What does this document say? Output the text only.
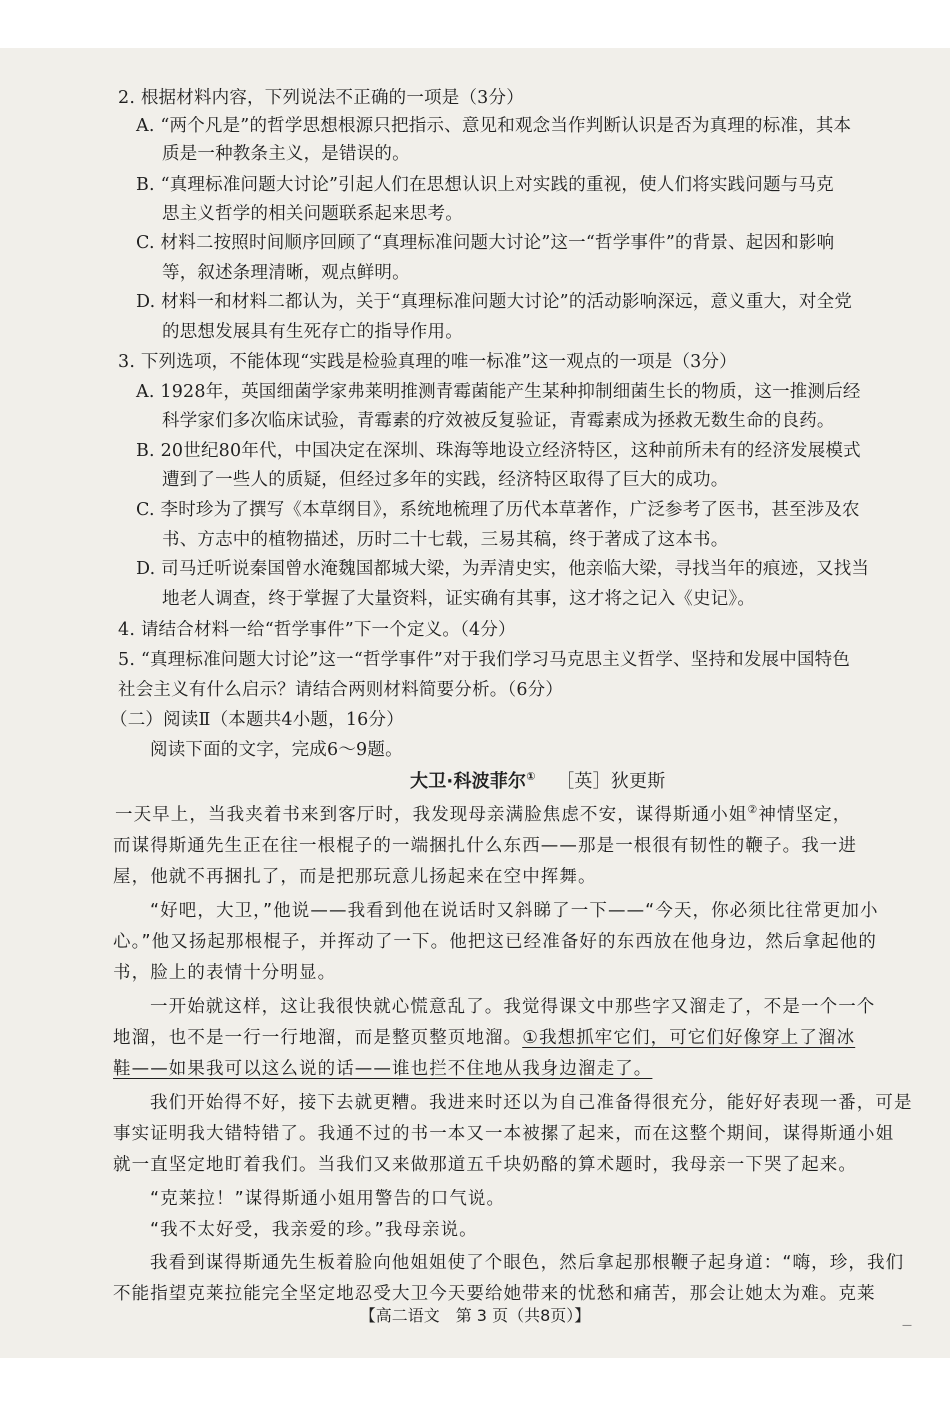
2. 根据材料内容，下列说法不正确的一项是（3分）
A. “两个凡是”的哲学思想根源只把指示、意见和观念当作判断认识是否为真理的标准，其本
质是一种教条主义，是错误的。
B. “真理标准问题大讨论”引起人们在思想认识上对实践的重视，使人们将实践问题与马克
思主义哲学的相关问题联系起来思考。
C. 材料二按照时间顺序回顾了“真理标准问题大讨论”这一“哲学事件”的背景、起因和影响
等，叙述条理清晰，观点鲜明。
D. 材料一和材料二都认为，关于“真理标准问题大讨论”的活动影响深远，意义重大，对全党
的思想发展具有生死存亡的指导作用。
3. 下列选项，不能体现“实践是检验真理的唯一标准”这一观点的一项是（3分）
A. 1928年，英国细菌学家弗莱明推测青霉菌能产生某种抑制细菌生长的物质，这一推测后经
科学家们多次临床试验，青霉素的疗效被反复验证，青霉素成为拯救无数生命的良药。
B. 20世纪80年代，中国决定在深圳、珠海等地设立经济特区，这种前所未有的经济发展模式
遭到了一些人的质疑，但经过多年的实践，经济特区取得了巨大的成功。
C. 李时珍为了撰写《本草纲目》，系统地梳理了历代本草著作，广泛参考了医书，甚至涉及农
书、方志中的植物描述，历时二十七载，三易其稿，终于著成了这本书。
D. 司马迁听说秦国曾水淹魏国都城大梁，为弄清史实，他亲临大梁，寻找当年的痕迹，又找当
地老人调查，终于掌握了大量资料，证实确有其事，这才将之记入《史记》。
4. 请结合材料一给“哲学事件”下一个定义。（4分）
5. “真理标准问题大讨论”这一“哲学事件”对于我们学习马克思主义哲学、坚持和发展中国特色
社会主义有什么启示？请结合两则材料简要分析。（6分）
（二）阅读Ⅱ（本题共4小题，16分）
阅读下面的文字，完成6～9题。
大卫·科波菲尔① ［英］狄更斯
一天早上，当我夹着书来到客厅时，我发现母亲满脸焦虑不安，谋得斯通小姐②神情坚定，
而谋得斯通先生正在往一根棍子的一端捆扎什么东西——那是一根很有韧性的鞭子。我一进
屋，他就不再捆扎了，而是把那玩意儿扬起来在空中挥舞。
“好吧，大卫，”他说——我看到他在说话时又斜睇了一下——“今天，你必须比往常更加小
心。”他又扬起那根棍子，并挥动了一下。他把这已经准备好的东西放在他身边，然后拿起他的
书，脸上的表情十分明显。
一开始就这样，这让我很快就心慌意乱了。我觉得课文中那些字又溜走了，不是一个一个
地溜，也不是一行一行地溜，而是整页整页地溜。①我想抓牢它们，可它们好像穿上了溜冰
鞋——如果我可以这么说的话——谁也拦不住地从我身边溜走了。
我们开始得不好，接下去就更糟。我进来时还以为自己准备得很充分，能好好表现一番，可是
事实证明我大错特错了。我通不过的书一本又一本被摞了起来，而在这整个期间，谋得斯通小姐
就一直坚定地盯着我们。当我们又来做那道五千块奶酪的算术题时，我母亲一下哭了起来。
“克莱拉！”谋得斯通小姐用警告的口气说。
“我不太好受，我亲爱的珍。”我母亲说。
我看到谋得斯通先生板着脸向他姐姐使了个眼色，然后拿起那根鞭子起身道：“嗨，珍，我们
不能指望克莱拉能完全坚定地忍受大卫今天要给她带来的忧愁和痛苦，那会让她太为难。克莱
【高二语文　第 3 页（共8页）】
—
